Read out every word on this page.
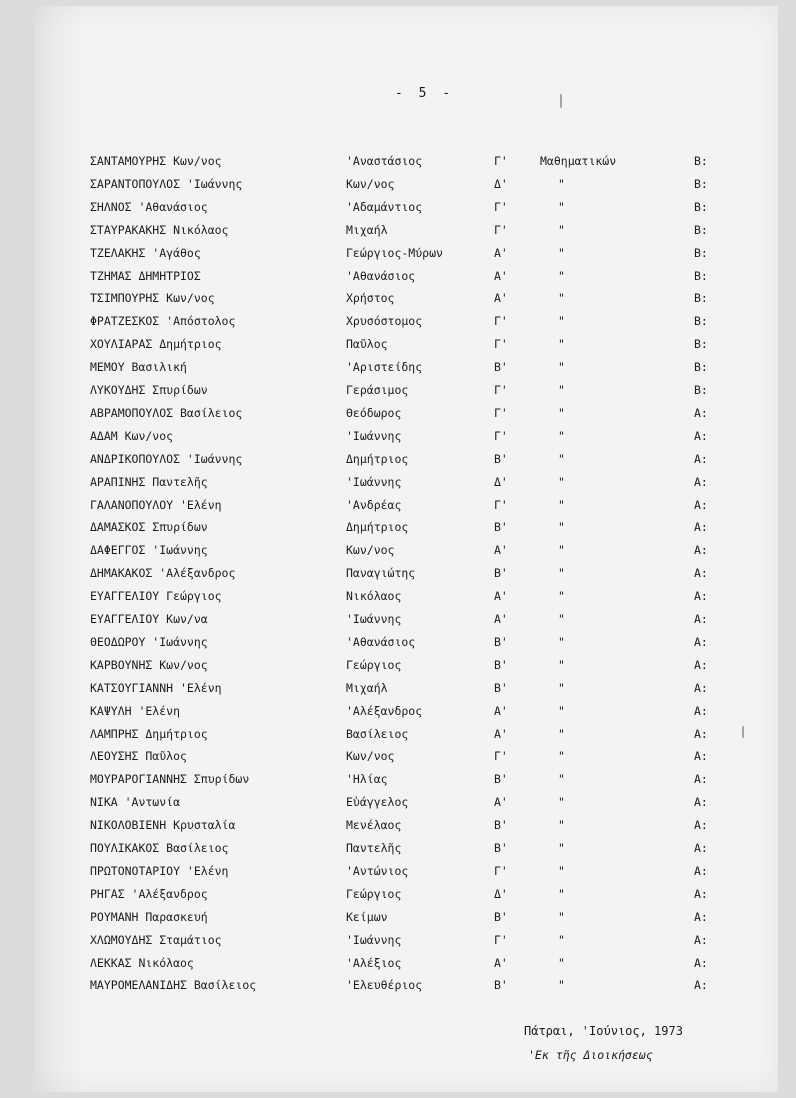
- 5 -
ΣΑΝΤΑΜΟΥΡΗΣ Κων/νος	'Αναστάσιος	Γ'	Μαθηματικών	Β:
ΣΑΡΑΝΤΟΠΟΥΛΟΣ 'Ιωάννης	Κων/νος	Δ'	"	Β:
ΣΗΛΝΟΣ 'Αθανάσιος	'Αδαμάντιος	Γ'	"	Β:
ΣΤΑΥΡΑΚΑΚΗΣ Νικόλαος	Μιχαήλ	Γ'	"	Β:
ΤΖΕΛΑΚΗΣ 'Αγάθος	Γεώργιος-Μύρων	Α'	"	Β:
ΤΖΗΜΑΣ ΔΗΜΗΤΡΙΟΣ	'Αθανάσιος	Α'	"	Β:
ΤΣΙΜΠΟΥΡΗΣ Κων/νος	Χρήστος	Α'	"	Β:
ΦΡΑΤΖΕΣΚΟΣ 'Απόστολος	Χρυσόστομος	Γ'	"	Β:
ΧΟΥΛΙΑΡΑΣ Δημήτριος	Παῦλος	Γ'	"	Β:
ΜΕΜΟΥ Βασιλική	'Αριστείδης	Β'	"	Β:
ΛΥΚΟΥΔΗΣ Σπυρίδων	Γεράσιμος	Γ'	"	Β:
ΑΒΡΑΜΟΠΟΥΛΟΣ Βασίλειος	Θεόδωρος	Γ'	"	Α:
ΑΔΑΜ Κων/νος	'Ιωάννης	Γ'	"	Α:
ΑΝΔΡΙΚΟΠΟΥΛΟΣ 'Ιωάννης	Δημήτριος	Β'	"	Α:
ΑΡΑΠΙΝΗΣ Παντελῆς	'Ιωάννης	Δ'	"	Α:
ΓΑΛΑΝΟΠΟΥΛΟΥ 'Ελένη	'Ανδρέας	Γ'	"	Α:
ΔΑΜΑΣΚΟΣ Σπυρίδων	Δημήτριος	Β'	"	Α:
ΔΑΦΕΓΓΟΣ 'Ιωάννης	Κων/νος	Α'	"	Α:
ΔΗΜΑΚΑΚΟΣ 'Αλέξανδρος	Παναγιώτης	Β'	"	Α:
ΕΥΑΓΓΕΛΙΟΥ Γεώργιος	Νικόλαος	Α'	"	Α:
ΕΥΑΓΓΕΛΙΟΥ Κων/να	'Ιωάννης	Α'	"	Α:
ΘΕΟΔΩΡΟΥ 'Ιωάννης	'Αθανάσιος	Β'	"	Α:
ΚΑΡΒΟΥΝΗΣ Κων/νος	Γεώργιος	Β'	"	Α:
ΚΑΤΣΟΥΓΙΑΝΝΗ 'Ελένη	Μιχαήλ	Β'	"	Α:
ΚΑΨΥΛΗ 'Ελένη	'Αλέξανδρος	Α'	"	Α:
ΛΑΜΠΡΗΣ Δημήτριος	Βασίλειος	Α'	"	Α:
ΛΕΟΥΣΗΣ Παῦλος	Κων/νος	Γ'	"	Α:
ΜΟΥΡΑΡΟΓΙΑΝΝΗΣ Σπυρίδων	'Ηλίας	Β'	"	Α:
ΝΙΚΑ 'Αντωνία	Εὐάγγελος	Α'	"	Α:
ΝΙΚΟΛΟΒΙΕΝΗ Κρυσταλία	Μενέλαος	Β'	"	Α:
ΠΟΥΛΙΚΑΚΟΣ Βασίλειος	Παντελῆς	Β'	"	Α:
ΠΡΩΤΟΝΟΤΑΡΙΟΥ 'Ελένη	'Αντώνιος	Γ'	"	Α:
ΡΗΓΑΣ 'Αλέξανδρος	Γεώργιος	Δ'	"	Α:
ΡΟΥΜΑΝΗ Παρασκευή	Κείμων	Β'	"	Α:
ΧΛΩΜΟΥΔΗΣ Σταμάτιος	'Ιωάννης	Γ'	"	Α:
ΛΕΚΚΑΣ Νικόλαος	'Αλέξιος	Α'	"	Α:
ΜΑΥΡΟΜΕΛΑΝΙΔΗΣ Βασίλειος	'Ελευθέριος	Β'	"	Α:
Πάτραι, 'Ιούνιος, 1973
'Εκ τῆς Διοικήσεως
